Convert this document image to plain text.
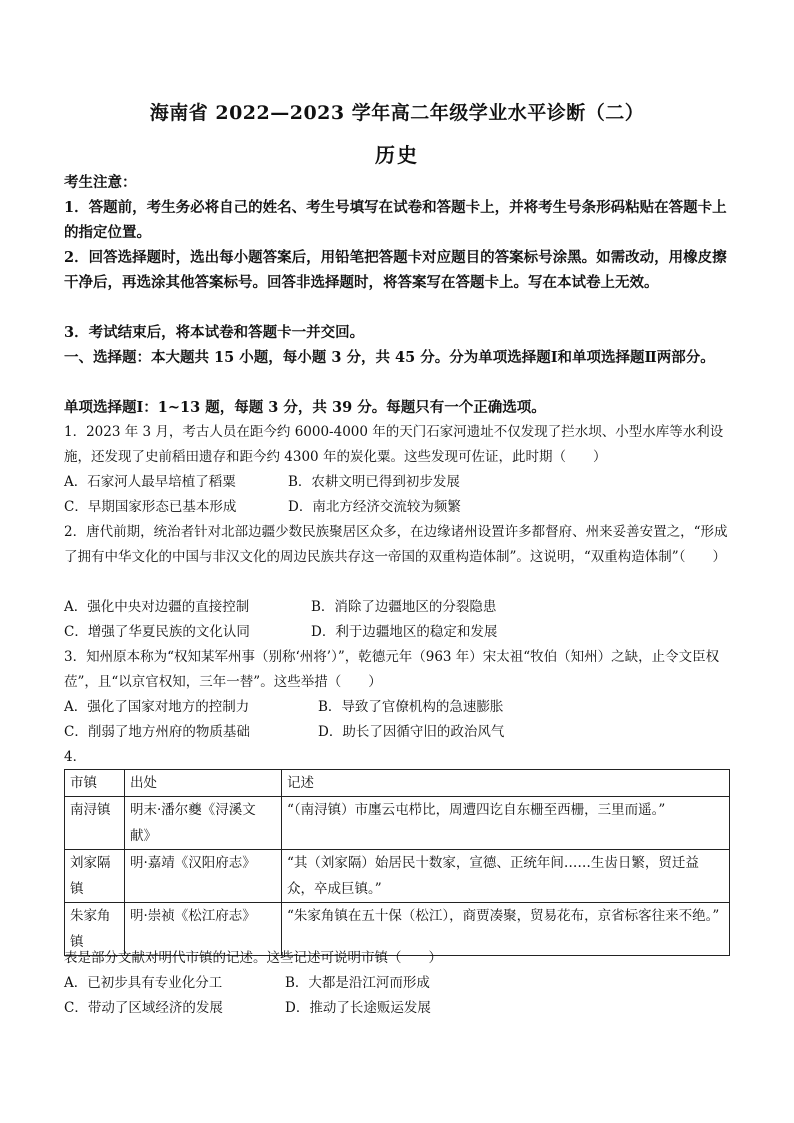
海南省 2022—2023 学年高二年级学业水平诊断（二）
历史
考生注意：
1．答题前，考生务必将自己的姓名、考生号填写在试卷和答题卡上，并将考生号条形码粘贴在答题卡上的指定位置。
2．回答选择题时，选出每小题答案后，用铅笔把答题卡对应题目的答案标号涂黑。如需改动，用橡皮擦干净后，再选涂其他答案标号。回答非选择题时，将答案写在答题卡上。写在本试卷上无效。
3．考试结束后，将本试卷和答题卡一并交回。
一、选择题：本大题共 15 小题，每小题 3 分，共 45 分。分为单项选择题Ⅰ和单项选择题Ⅱ两部分。
单项选择题Ⅰ：1~13 题，每题 3 分，共 39 分。每题只有一个正确选项。
1．2023 年 3 月，考古人员在距今约 6000-4000 年的天门石家河遗址不仅发现了拦水坝、小型水库等水利设施，还发现了史前稻田遗存和距今约 4300 年的炭化粟。这些发现可佐证，此时期（　　）
A．石家河人最早培植了稻粟	B．农耕文明已得到初步发展
C．早期国家形态已基本形成	D．南北方经济交流较为频繁
2．唐代前期，统治者针对北部边疆少数民族聚居区众多，在边缘诸州设置许多都督府、州来妥善安置之，“形成了拥有中华文化的中国与非汉文化的周边民族共存这一帝国的双重构造体制”。这说明，“双重构造体制”（　　）
A．强化中央对边疆的直接控制	B．消除了边疆地区的分裂隐患
C．增强了华夏民族的文化认同	D．利于边疆地区的稳定和发展
3．知州原本称为“权知某军州事（别称‘州将’）”，乾德元年（963 年）宋太祖“牧伯（知州）之缺，止令文臣权莅”，且“以京官权知，三年一替”。这些举措（　　）
A．强化了国家对地方的控制力	B．导致了官僚机构的急速膨胀
C．削弱了地方州府的物质基础	D．助长了因循守旧的政治风气
4．
市镇	出处	记述
南浔镇	明末·潘尔夔《浔溪文献》	“（南浔镇）市廛云屯栉比，周遭四讫自东栅至西栅，三里而遥。”
刘家隔镇	明·嘉靖《汉阳府志》	“其（刘家隔）始居民十数家，宣德、正统年间……生齿日繁，贸迁益众，卒成巨镇。”
朱家角镇	明·崇祯《松江府志》	“朱家角镇在五十保（松江），商贾凑聚，贸易花布，京省标客往来不绝。”
表是部分文献对明代市镇的记述。这些记述可说明市镇（　　）
A．已初步具有专业化分工	B．大都是沿江河而形成
C．带动了区域经济的发展	D．推动了长途贩运发展
